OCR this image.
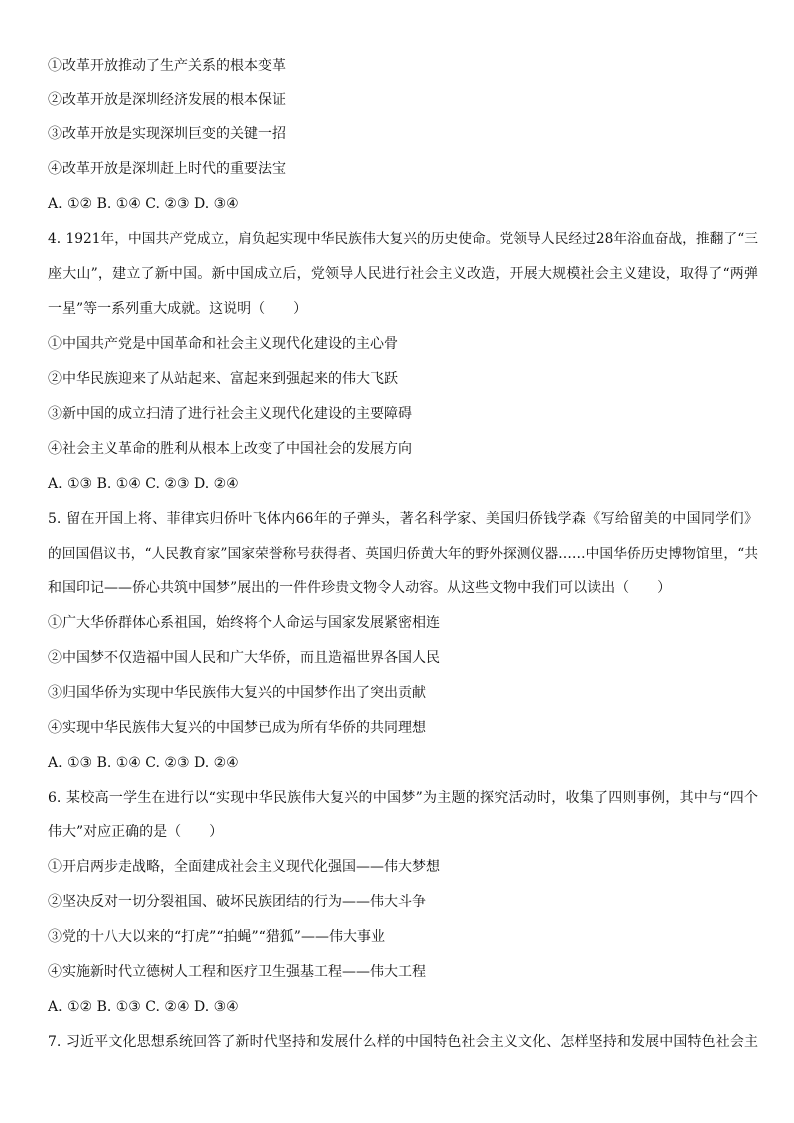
①改革开放推动了生产关系的根本变革
②改革开放是深圳经济发展的根本保证
③改革开放是实现深圳巨变的关键一招
④改革开放是深圳赶上时代的重要法宝
A. ①② B. ①④ C. ②③ D. ③④
4. 1921年，中国共产党成立，肩负起实现中华民族伟大复兴的历史使命。党领导人民经过28年浴血奋战，推翻了“三
座大山”，建立了新中国。新中国成立后，党领导人民进行社会主义改造，开展大规模社会主义建设，取得了“两弹
一星”等一系列重大成就。这说明（　　）
①中国共产党是中国革命和社会主义现代化建设的主心骨
②中华民族迎来了从站起来、富起来到强起来的伟大飞跃
③新中国的成立扫清了进行社会主义现代化建设的主要障碍
④社会主义革命的胜利从根本上改变了中国社会的发展方向
A. ①③ B. ①④ C. ②③ D. ②④
5. 留在开国上将、菲律宾归侨叶飞体内66年的子弹头，著名科学家、美国归侨钱学森《写给留美的中国同学们》
的回国倡议书，“人民教育家”国家荣誉称号获得者、英国归侨黄大年的野外探测仪器……中国华侨历史博物馆里，“共
和国印记——侨心共筑中国梦”展出的一件件珍贵文物令人动容。从这些文物中我们可以读出（　　）
①广大华侨群体心系祖国，始终将个人命运与国家发展紧密相连
②中国梦不仅造福中国人民和广大华侨，而且造福世界各国人民
③归国华侨为实现中华民族伟大复兴的中国梦作出了突出贡献
④实现中华民族伟大复兴的中国梦已成为所有华侨的共同理想
A. ①③ B. ①④ C. ②③ D. ②④
6. 某校高一学生在进行以“实现中华民族伟大复兴的中国梦”为主题的探究活动时，收集了四则事例，其中与“四个
伟大”对应正确的是（　　）
①开启两步走战略，全面建成社会主义现代化强国——伟大梦想
②坚决反对一切分裂祖国、破坏民族团结的行为——伟大斗争
③党的十八大以来的“打虎”“拍蝇”“猎狐”——伟大事业
④实施新时代立德树人工程和医疗卫生强基工程——伟大工程
A. ①② B. ①③ C. ②④ D. ③④
7. 习近平文化思想系统回答了新时代坚持和发展什么样的中国特色社会主义文化、怎样坚持和发展中国特色社会主
